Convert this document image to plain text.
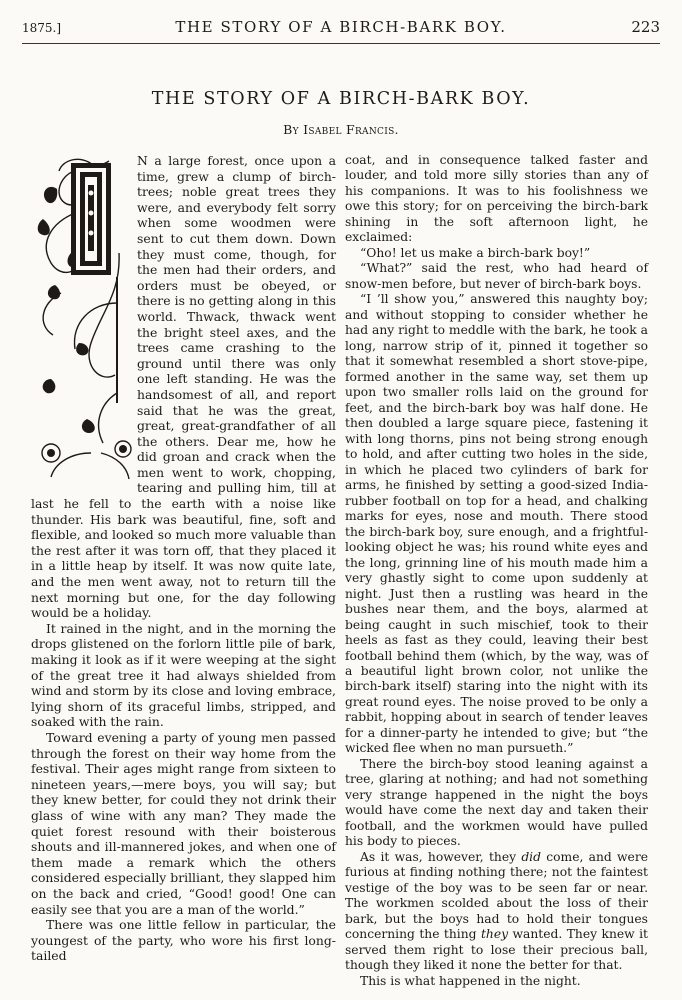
1875.]	THE STORY OF A BIRCH-BARK BOY.	223
THE STORY OF A BIRCH-BARK BOY.
By Isabel Francis.
I

N a large forest, once upon a time, grew a clump of birch-trees; noble great trees they were, and everybody felt sorry when some woodmen were sent to cut them down. Down they must come, though, for the men had their orders, and orders must be obeyed, or there is no getting along in this world. Thwack, thwack went the bright steel axes, and the trees came crashing to the ground until there was only one left standing. He was the handsomest of all, and report said that he was the great, great, great-grandfather of all the others. Dear me, how he did groan and crack when the men went to work, chopping, tearing and pulling him, till at last he fell to the earth with a noise like thunder. His bark was beautiful, fine, soft and flexible, and looked so much more valuable than the rest after it was torn off, that they placed it in a little heap by itself. It was now quite late, and the men went away, not to return till the next morning but one, for the day following would be a holiday.

It rained in the night, and in the morning the drops glistened on the forlorn little pile of bark, making it look as if it were weeping at the sight of the great tree it had always shielded from wind and storm by its close and loving embrace, lying shorn of its graceful limbs, stripped, and soaked with the rain.

Toward evening a party of young men passed through the forest on their way home from the festival. Their ages might range from sixteen to nineteen years,—mere boys, you will say; but they knew better, for could they not drink their glass of wine with any man? They made the quiet forest resound with their boisterous shouts and ill-mannered jokes, and when one of them made a remark which the others considered especially brilliant, they slapped him on the back and cried, “Good! good! One can easily see that you are a man of the world.”

There was one little fellow in particular, the youngest of the party, who wore his first long-tailed

coat, and in consequence talked faster and louder, and told more silly stories than any of his companions. It was to his foolishness we owe this story; for on perceiving the birch-bark shining in the soft afternoon light, he exclaimed:

“Oho! let us make a birch-bark boy!”

“What?” said the rest, who had heard of snow-men before, but never of birch-bark boys.

“I ’ll show you,” answered this naughty boy; and without stopping to consider whether he had any right to meddle with the bark, he took a long, narrow strip of it, pinned it together so that it somewhat resembled a short stove-pipe, formed another in the same way, set them up upon two smaller rolls laid on the ground for feet, and the birch-bark boy was half done. He then doubled a large square piece, fastening it with long thorns, pins not being strong enough to hold, and after cutting two holes in the side, in which he placed two cylinders of bark for arms, he finished by setting a good-sized India-rubber football on top for a head, and chalking marks for eyes, nose and mouth. There stood the birch-bark boy, sure enough, and a frightful-looking object he was; his round white eyes and the long, grinning line of his mouth made him a very ghastly sight to come upon suddenly at night. Just then a rustling was heard in the bushes near them, and the boys, alarmed at being caught in such mischief, took to their heels as fast as they could, leaving their best football behind them (which, by the way, was of a beautiful light brown color, not unlike the birch-bark itself) staring into the night with its great round eyes. The noise proved to be only a rabbit, hopping about in search of tender leaves for a dinner-party he intended to give; but “the wicked flee when no man pursueth.”

There the birch-boy stood leaning against a tree, glaring at nothing; and had not something very strange happened in the night the boys would have come the next day and taken their football, and the workmen would have pulled his body to pieces.

As it was, however, they did come, and were furious at finding nothing there; not the faintest vestige of the boy was to be seen far or near. The workmen scolded about the loss of their bark, but the boys had to hold their tongues concerning the thing they wanted. They knew it served them right to lose their precious ball, though they liked it none the better for that.

This is what happened in the night.
